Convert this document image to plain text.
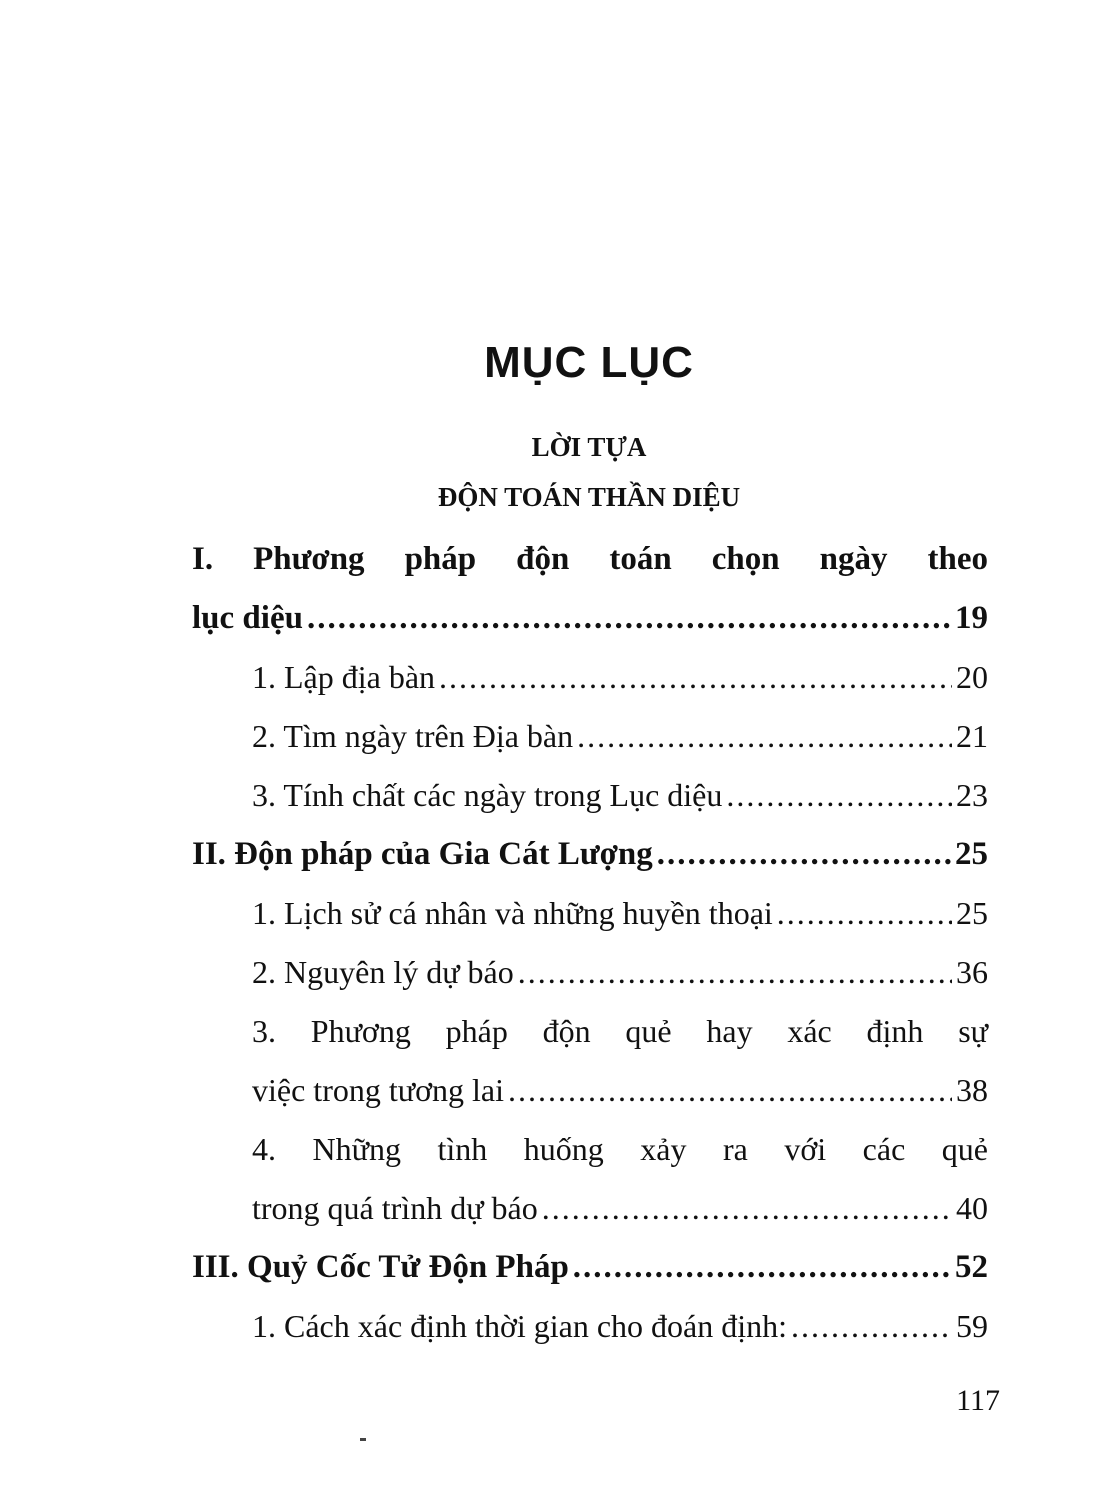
MỤC LỤC
LỜI TỰA
ĐỘN TOÁN THẦN DIỆU
I. Phương pháp độn toán chọn ngày theo
lục diệu .....	19
1. Lập địa bàn .....	20
2. Tìm ngày trên Địa bàn .....	21
3. Tính chất các ngày trong Lục diệu .....	23
II. Độn pháp của Gia Cát Lượng .....	25
1. Lịch sử cá nhân và những huyền thoại .....	25
2. Nguyên lý dự báo .....	36
3. Phương pháp độn quẻ hay xác định sự
việc trong tương lai .....	38
4. Những tình huống xảy ra với các quẻ
trong quá trình dự báo .....	40
III. Quỷ Cốc Tử Độn Pháp .....	52
1. Cách xác định thời gian cho đoán định: .....	59
117
